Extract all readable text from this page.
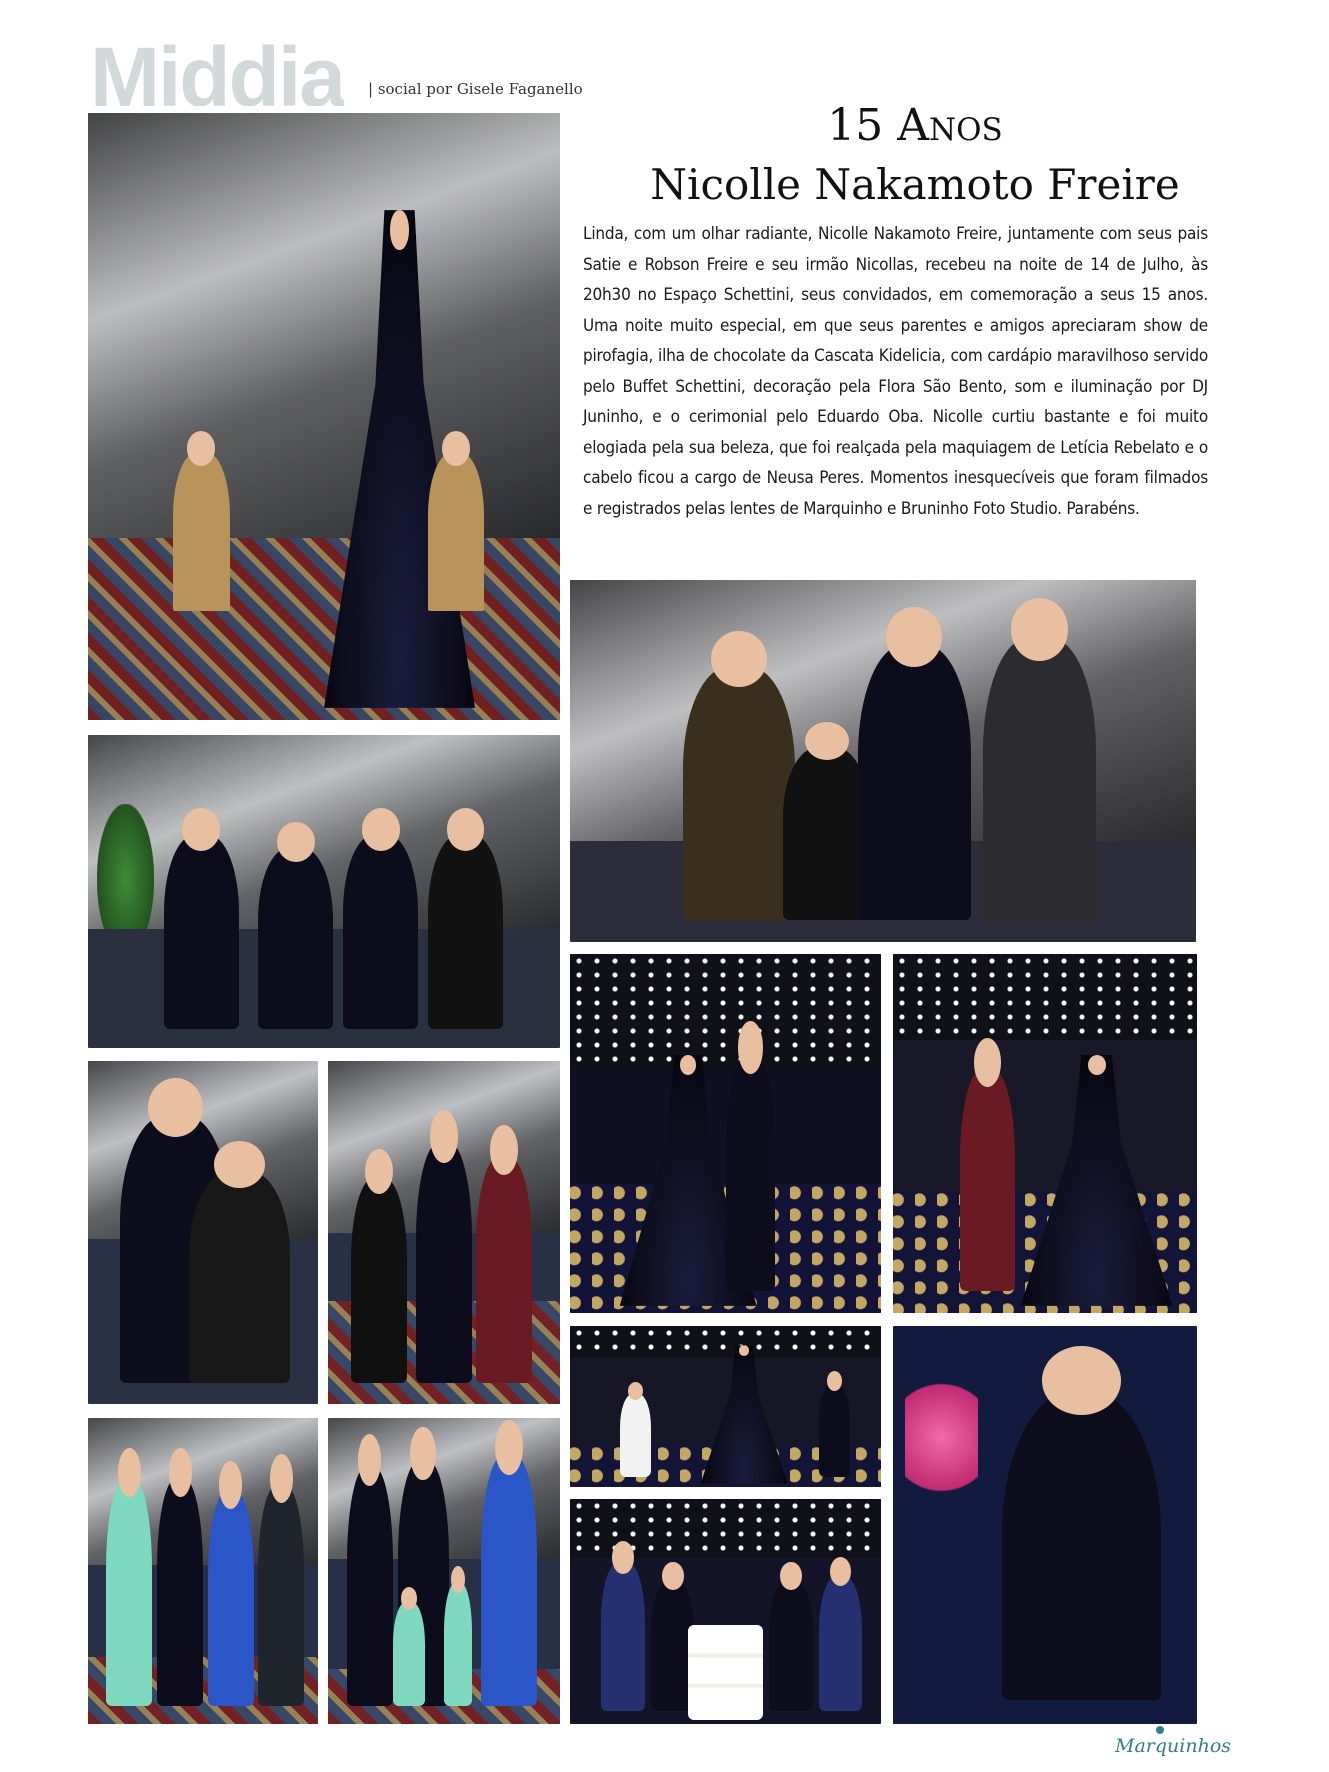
Middia | social por Gisele Faganello
15 Anos
Nicolle Nakamoto Freire
Linda, com um olhar radiante, Nicolle Nakamoto Freire, juntamente com seus pais Satie e Robson Freire e seu irmão Nicollas, recebeu na noite de 14 de Julho, às 20h30 no Espaço Schettini, seus convidados, em comemoração a seus 15 anos. Uma noite muito especial, em que seus parentes e amigos apreciaram show de pirofagia, ilha de chocolate da Cascata Kidelicia, com cardápio maravilhoso servido pelo Buffet Schettini, decoração pela Flora São Bento, som e iluminação por DJ Juninho, e o cerimonial pelo Eduardo Oba. Nicolle curtiu bastante e foi muito elogiada pela sua beleza, que foi realçada pela maquiagem de Letícia Rebelato e o cabelo ficou a cargo de Neusa Peres. Momentos inesquecíveis que foram filmados e registrados pelas lentes de Marquinho e Bruninho Foto Studio. Parabéns.
Marquinhos
